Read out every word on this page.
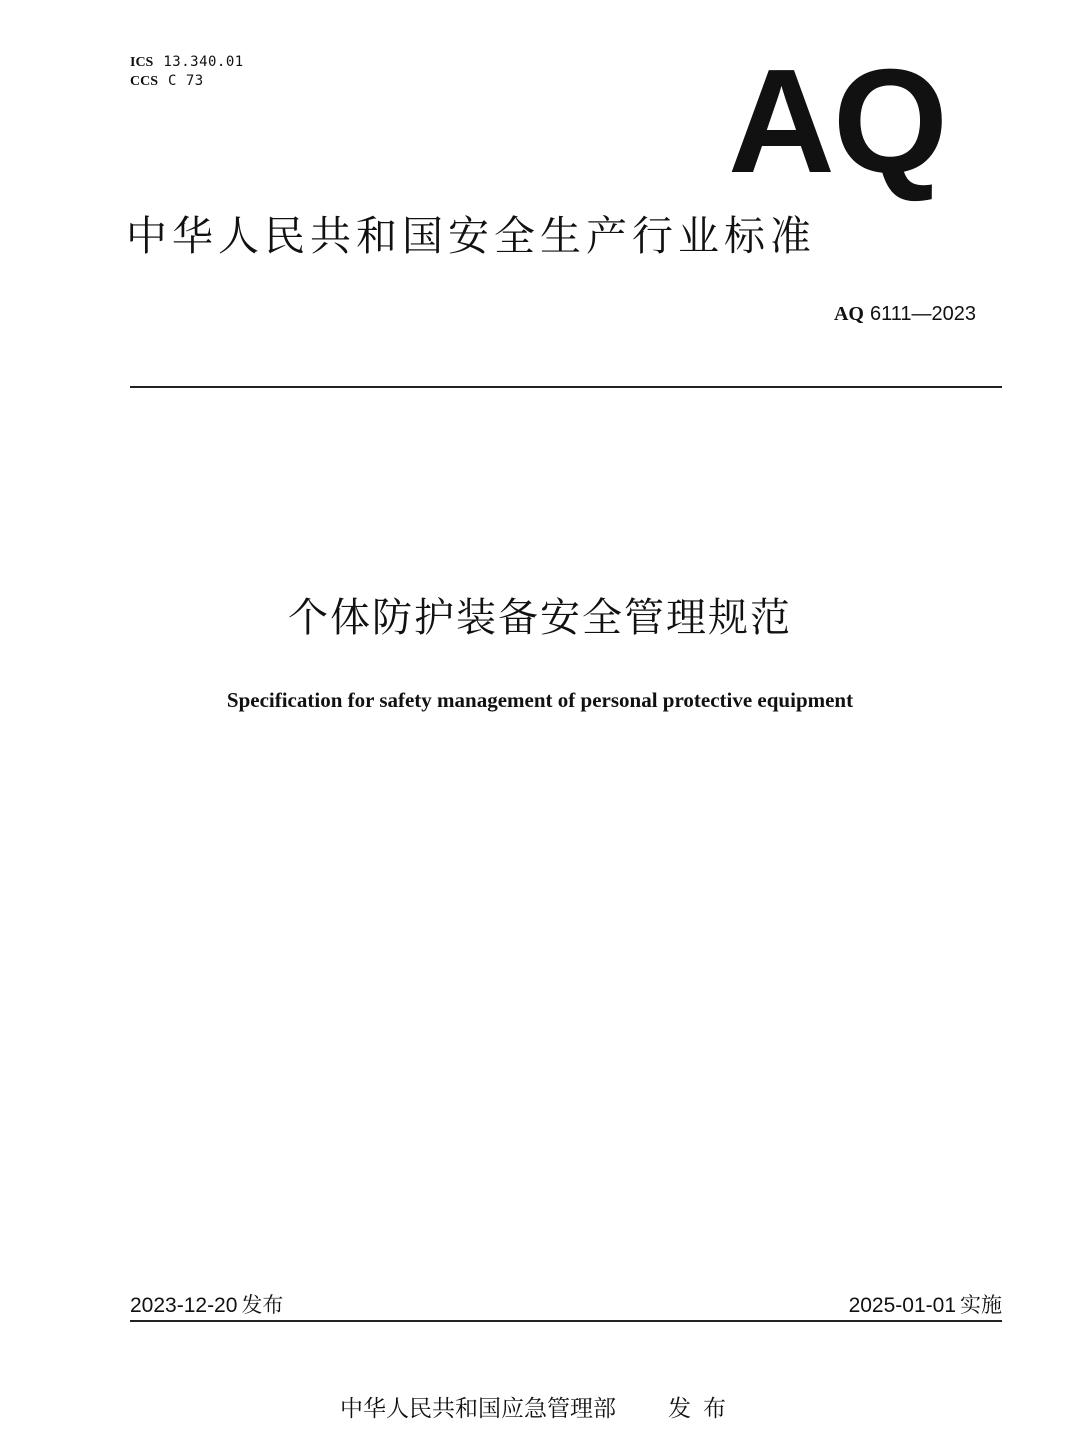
ICS 13.340.01
CCS C 73	AQ
中华人民共和国安全生产行业标准
AQ 6111—2023
个体防护装备安全管理规范
Specification for safety management of personal protective equipment
2023-12-20 发布	2025-01-01 实施
中华人民共和国应急管理部 发布
